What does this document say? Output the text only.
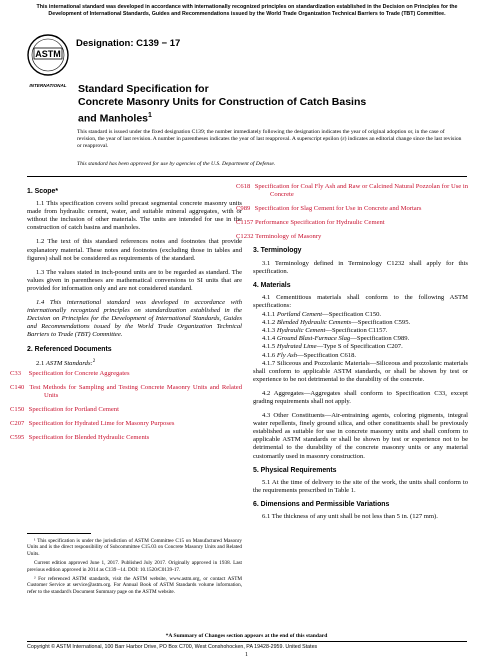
This international standard was developed in accordance with internationally recognized principles on standardization established in the Decision on Principles for the Development of International Standards, Guides and Recommendations issued by the World Trade Organization Technical Barriers to Trade (TBT) Committee.
ASTM
INTERNATIONAL
Designation: C139 − 17
Standard Specification for
Concrete Masonry Units for Construction of Catch Basins
and Manholes$^1$
This standard is issued under the fixed designation C139; the number immediately following the designation indicates the year of original adoption or, in the case of revision, the year of last revision. A number in parentheses indicates the year of last reapproval. A superscript epsilon (ε) indicates an editorial change since the last revision or reapproval.
This standard has been approved for use by agencies of the U.S. Department of Defense.
1. Scope*

1.1 This specification covers solid precast segmental concrete masonry units made from hydraulic cement, water, and suitable mineral aggregates, with or without the inclusion of other materials. The units are intended for use in the construction of catch basins and manholes.

1.2 The text of this standard references notes and footnotes that provide explanatory material. These notes and footnotes (excluding those in tables and figures) shall not be considered as requirements of the standard.

1.3 The values stated in inch-pound units are to be regarded as standard. The values given in parentheses are mathematical conversions to SI units that are provided for information only and are not considered standard.

1.4 This international standard was developed in accordance with internationally recognized principles on standardization established in the Decision on Principles for the Development of International Standards, Guides and Recommendations issued by the World Trade Organization Technical Barriers to Trade (TBT) Committee.

2. Referenced Documents

2.1 ASTM Standards:$^2$

C33 Specification for Concrete Aggregates

C140 Test Methods for Sampling and Testing Concrete Masonry Units and Related Units

C150 Specification for Portland Cement

C207 Specification for Hydrated Lime for Masonry Purposes

C595 Specification for Blended Hydraulic Cements

¹ This specification is under the jurisdiction of ASTM Committee C15 on Manufactured Masonry Units and is the direct responsibility of Subcommittee C15.03 on Concrete Masonry Units and Related Units.

Current edition approved June 1, 2017. Published July 2017. Originally approved in 1938. Last previous edition approved in 2014 as C139 –14. DOI: 10.1520/C0139-17.

² For referenced ASTM standards, visit the ASTM website, www.astm.org, or contact ASTM Customer Service at service@astm.org. For Annual Book of ASTM Standards volume information, refer to the standard's Document Summary page on the ASTM website.

C618 Specification for Coal Fly Ash and Raw or Calcined Natural Pozzolan for Use in Concrete

C989 Specification for Slag Cement for Use in Concrete and Mortars

C1157 Performance Specification for Hydraulic Cement

C1232 Terminology of Masonry

3. Terminology

3.1 Terminology defined in Terminology C1232 shall apply for this specification.

4. Materials

4.1 Cementitious materials shall conform to the following ASTM specifications:

4.1.1 Portland Cement—Specification C150.

4.1.2 Blended Hydraulic Cements—Specification C595.

4.1.3 Hydraulic Cement—Specification C1157.

4.1.4 Ground Blast-Furnace Slag—Specification C989.

4.1.5 Hydrated Lime—Type S of Specification C207.

4.1.6 Fly Ash—Specification C618.

4.1.7 Siliceous and Pozzolanic Materials—Siliceous and pozzolanic materials shall conform to applicable ASTM standards, or shall be shown by test or experience to be not detrimental to the durability of the concrete.

4.2 Aggregates—Aggregates shall conform to Specification C33, except grading requirements shall not apply.

4.3 Other Constituents—Air-entraining agents, coloring pigments, integral water repellents, finely ground silica, and other constituents shall be previously established as suitable for use in concrete masonry units and shall conform to applicable ASTM standards or shall be shown by test or experience not to be detrimental to the durability of the concrete masonry units or any material customarily used in masonry construction.

5. Physical Requirements

5.1 At the time of delivery to the site of the work, the units shall conform to the requirements prescribed in Table 1.

6. Dimensions and Permissible Variations

6.1 The thickness of any unit shall be not less than 5 in. (127 mm).

*A Summary of Changes section appears at the end of this standard
Copyright © ASTM International, 100 Barr Harbor Drive, PO Box C700, West Conshohocken, PA 19428-2959. United States
1
